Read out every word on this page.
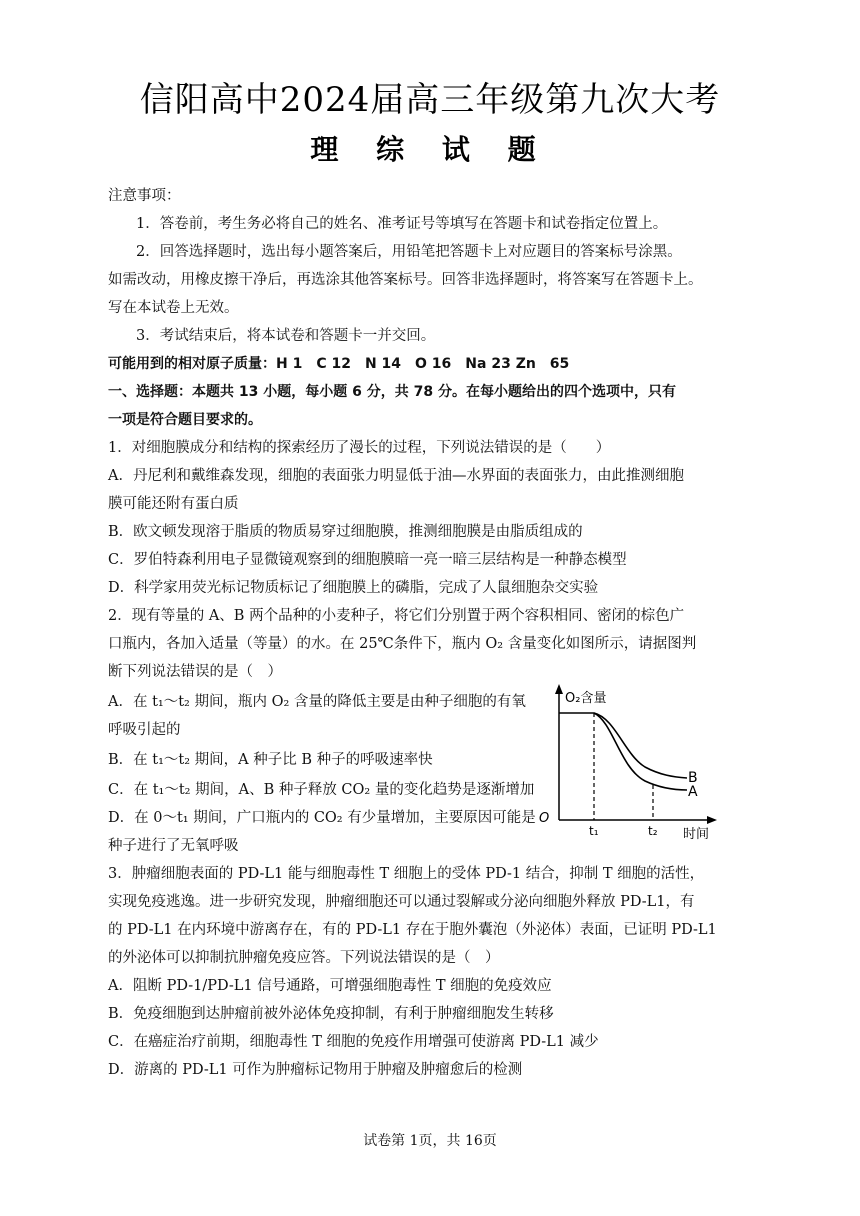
信阳高中2024届高三年级第九次大考
理 综 试 题
注意事项：
1．答卷前，考生务必将自己的姓名、准考证号等填写在答题卡和试卷指定位置上。
2．回答选择题时，选出每小题答案后，用铅笔把答题卡上对应题目的答案标号涂黑。
如需改动，用橡皮擦干净后，再选涂其他答案标号。回答非选择题时，将答案写在答题卡上。
写在本试卷上无效。
3．考试结束后，将本试卷和答题卡一并交回。
可能用到的相对原子质量：H 1　C 12　N 14　O 16　Na 23 Zn　65
一、选择题：本题共 13 小题，每小题 6 分，共 78 分。在每小题给出的四个选项中，只有
一项是符合题目要求的。
1．对细胞膜成分和结构的探索经历了漫长的过程，下列说法错误的是（　　）
A．丹尼利和戴维森发现，细胞的表面张力明显低于油—水界面的表面张力，由此推测细胞
膜可能还附有蛋白质
B．欧文顿发现溶于脂质的物质易穿过细胞膜，推测细胞膜是由脂质组成的
C．罗伯特森利用电子显微镜观察到的细胞膜暗一亮一暗三层结构是一种静态模型
D．科学家用荧光标记物质标记了细胞膜上的磷脂，完成了人鼠细胞杂交实验
2．现有等量的 A、B 两个品种的小麦种子，将它们分别置于两个容积相同、密闭的棕色广
口瓶内，各加入适量（等量）的水。在 25℃条件下，瓶内 O₂ 含量变化如图所示，请据图判
断下列说法错误的是（　）
A．在 t₁～t₂ 期间，瓶内 O₂ 含量的降低主要是由种子细胞的有氧
呼吸引起的
B．在 t₁～t₂ 期间，A 种子比 B 种子的呼吸速率快
C．在 t₁～t₂ 期间，A、B 种子释放 CO₂ 量的变化趋势是逐渐增加
D．在 0～t₁ 期间，广口瓶内的 CO₂ 有少量增加，主要原因可能是
种子进行了无氧呼吸
O₂含量
O
时间
t₁	t₂
B
A
3．肿瘤细胞表面的 PD-L1 能与细胞毒性 T 细胞上的受体 PD-1 结合，抑制 T 细胞的活性，
实现免疫逃逸。进一步研究发现，肿瘤细胞还可以通过裂解或分泌向细胞外释放 PD-L1，有
的 PD-L1 在内环境中游离存在，有的 PD-L1 存在于胞外囊泡（外泌体）表面，已证明 PD-L1
的外泌体可以抑制抗肿瘤免疫应答。下列说法错误的是（　）
A．阻断 PD-1/PD-L1 信号通路，可增强细胞毒性 T 细胞的免疫效应
B．免疫细胞到达肿瘤前被外泌体免疫抑制，有利于肿瘤细胞发生转移
C．在癌症治疗前期，细胞毒性 T 细胞的免疫作用增强可使游离 PD-L1 减少
D．游离的 PD-L1 可作为肿瘤标记物用于肿瘤及肿瘤愈后的检测
试卷第 1页，共 16页
